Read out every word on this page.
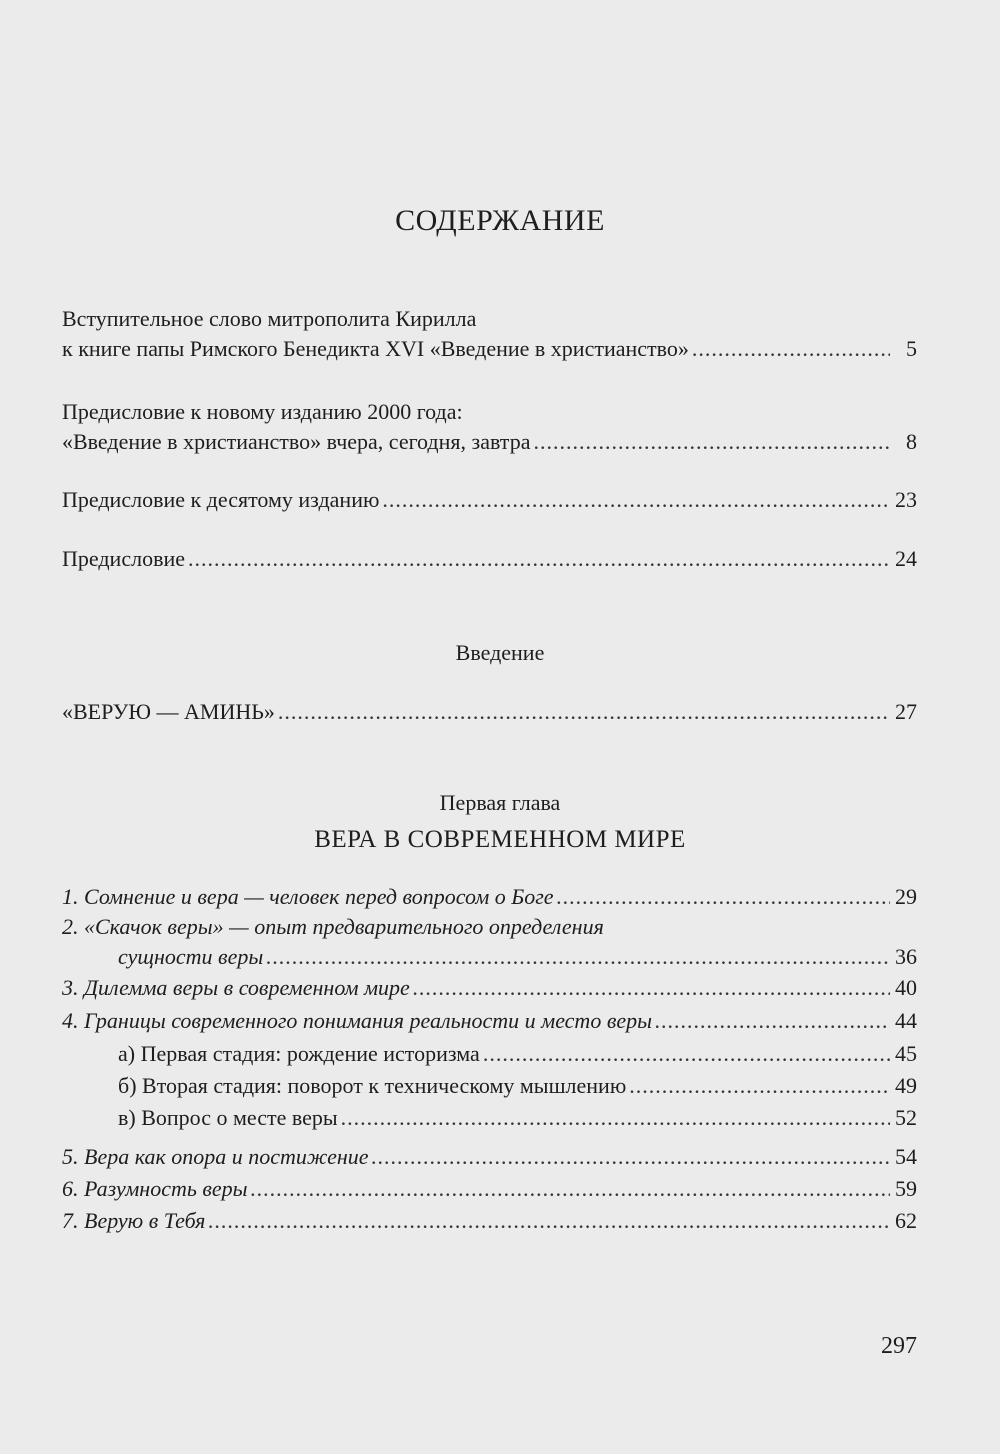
СОДЕРЖАНИЕ
Вступительное слово митрополита Кирилла
к книге папы Римского Бенедикта XVI «Введение в христианство» .....	5
Предисловие к новому изданию 2000 года:
«Введение в христианство» вчера, сегодня, завтра .....	8
Предисловие к десятому изданию .....	23
Предисловие .....	24
Введение
«ВЕРУЮ — АМИНЬ» .....	27
Первая глава
ВЕРА В СОВРЕМЕННОМ МИРЕ
1. Сомнение и вера — человек перед вопросом о Боге .....	29
2. «Скачок веры» — опыт предварительного определения
сущности веры .....	36
3. Дилемма веры в современном мире .....	40
4. Границы современного понимания реальности и место веры .....	44
а) Первая стадия: рождение историзма .....	45
б) Вторая стадия: поворот к техническому мышлению .....	49
в) Вопрос о месте веры .....	52
5. Вера как опора и постижение .....	54
6. Разумность веры .....	59
7. Верую в Тебя .....	62
297
